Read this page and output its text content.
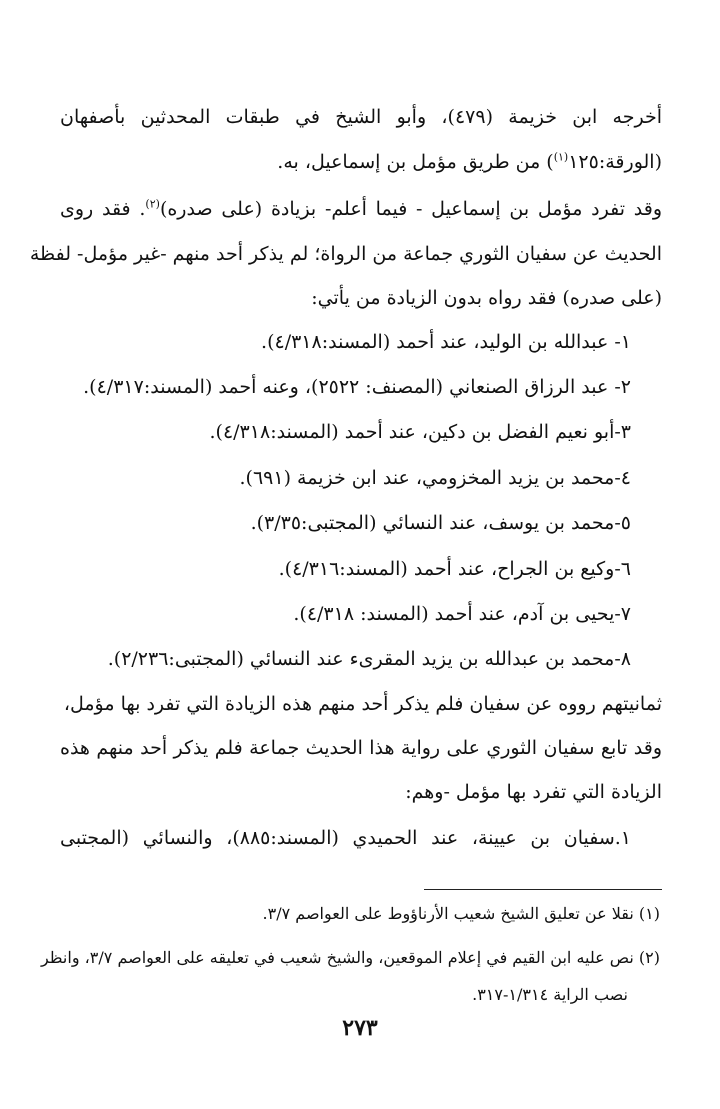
أخرجه ابن خزيمة (٤٧٩)، وأبو الشيخ في طبقات المحدثين بأصفهان
(الورقة:١٢٥$^{(١)}$) من طريق مؤمل بن إسماعيل، به.
وقد تفرد مؤمل بن إسماعيل - فيما أعلم- بزيادة (على صدره)$^{(٢)}$. فقد روى
الحديث عن سفيان الثوري جماعة من الرواة؛ لم يذكر أحد منهم -غير مؤمل- لفظة
(على صدره) فقد رواه بدون الزيادة من يأتي:
١- عبدالله بن الوليد، عند أحمد (المسند:٤/٣١٨).
٢- عبد الرزاق الصنعاني (المصنف: ٢٥٢٢)، وعنه أحمد (المسند:٤/٣١٧).
٣-أبو نعيم الفضل بن دكين، عند أحمد (المسند:٤/٣١٨).
٤-محمد بن يزيد المخزومي، عند ابن خزيمة (٦٩١).
٥-محمد بن يوسف، عند النسائي (المجتبى:٣/٣٥).
٦-وكيع بن الجراح، عند أحمد (المسند:٤/٣١٦).
٧-يحيى بن آدم، عند أحمد (المسند: ٤/٣١٨).
٨-محمد بن عبدالله بن يزيد المقرىء عند النسائي (المجتبى:٢/٢٣٦).
ثمانيتهم رووه عن سفيان فلم يذكر أحد منهم هذه الزيادة التي تفرد بها مؤمل،
وقد تابع سفيان الثوري على رواية هذا الحديث جماعة فلم يذكر أحد منهم هذه
الزيادة التي تفرد بها مؤمل -وهم:
١.سفيان بن عيينة، عند الحميدي (المسند:٨٨٥)، والنسائي (المجتبى
(١) نقلا عن تعليق الشيخ شعيب الأرناؤوط على العواصم ٣/٧.
(٢) نص عليه ابن القيم في إعلام الموقعين، والشيخ شعيب في تعليقه على العواصم ٣/٧، وانظر
نصب الراية ١/٣١٤-٣١٧.
٢٧٣
